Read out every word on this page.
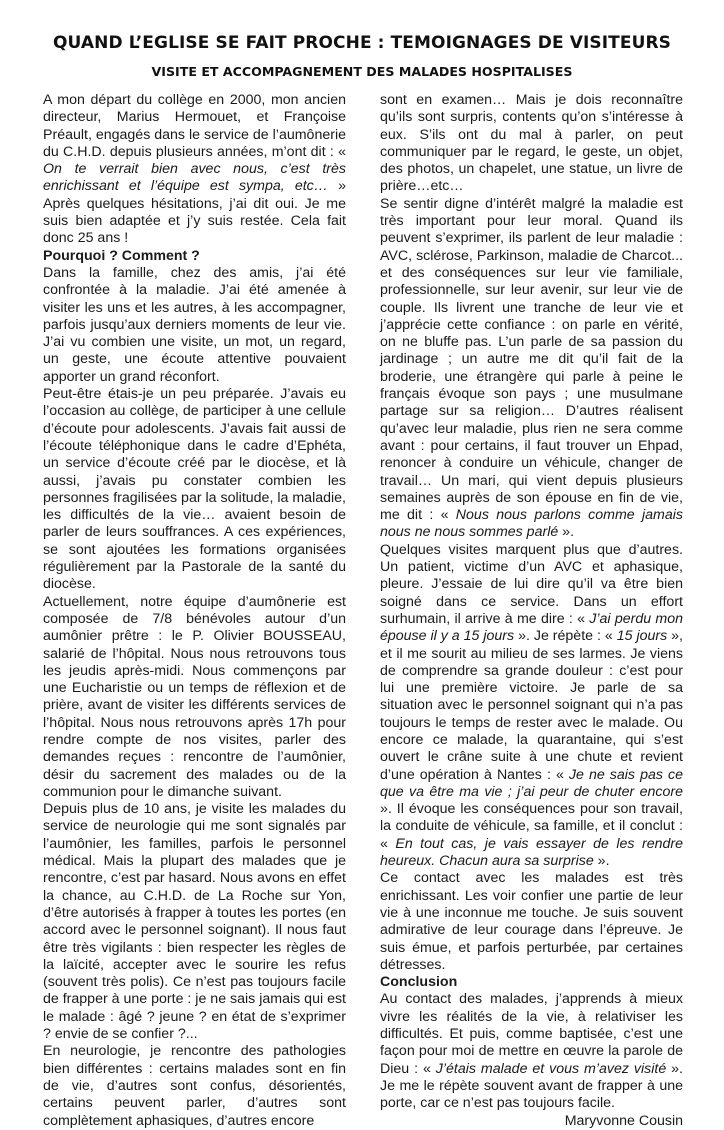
QUAND L’EGLISE SE FAIT PROCHE : TEMOIGNAGES DE VISITEURS
VISITE ET ACCOMPAGNEMENT DES MALADES HOSPITALISES

A mon départ du collège en 2000, mon ancien directeur, Marius Hermouet, et Françoise Préault, engagés dans le service de l’aumônerie du C.H.D. depuis plusieurs années, m’ont dit : « On te verrait bien avec nous, c’est très enrichissant et l’équipe est sympa, etc… » Après quelques hésitations, j’ai dit oui. Je me suis bien adaptée et j’y suis restée. Cela fait donc 25 ans !

Pourquoi ? Comment ?

Dans la famille, chez des amis, j’ai été confrontée à la maladie. J’ai été amenée à visiter les uns et les autres, à les accompagner, parfois jusqu’aux derniers moments de leur vie. J’ai vu combien une visite, un mot, un regard, un geste, une écoute attentive pouvaient apporter un grand réconfort.

Peut-être étais-je un peu préparée. J’avais eu l’occasion au collège, de participer à une cellule d’écoute pour adolescents. J’avais fait aussi de l’écoute téléphonique dans le cadre d’Ephéta, un service d’écoute créé par le diocèse, et là aussi, j’avais pu constater combien les personnes fragilisées par la solitude, la maladie, les difficultés de la vie… avaient besoin de parler de leurs souffrances. A ces expériences, se sont ajoutées les formations organisées régulièrement par la Pastorale de la santé du diocèse.

Actuellement, notre équipe d’aumônerie est composée de 7/8 bénévoles autour d’un aumônier prêtre : le P. Olivier BOUSSEAU, salarié de l’hôpital. Nous nous retrouvons tous les jeudis après-midi. Nous commençons par une Eucharistie ou un temps de réflexion et de prière, avant de visiter les différents services de l’hôpital. Nous nous retrouvons après 17h pour rendre compte de nos visites, parler des demandes reçues : rencontre de l’aumônier, désir du sacrement des malades ou de la communion pour le dimanche suivant.

Depuis plus de 10 ans, je visite les malades du service de neurologie qui me sont signalés par l’aumônier, les familles, parfois le personnel médical. Mais la plupart des malades que je rencontre, c’est par hasard. Nous avons en effet la chance, au C.H.D. de La Roche sur Yon, d’être autorisés à frapper à toutes les portes (en accord avec le personnel soignant). Il nous faut être très vigilants : bien respecter les règles de la laïcité, accepter avec le sourire les refus (souvent très polis). Ce n’est pas toujours facile de frapper à une porte : je ne sais jamais qui est le malade : âgé ? jeune ? en état de s’exprimer ? envie de se confier ?...

En neurologie, je rencontre des pathologies bien différentes : certains malades sont en fin de vie, d’autres sont confus, désorientés, certains peuvent parler, d’autres sont complètement aphasiques, d’autres encore

sont en examen… Mais je dois reconnaître qu’ils sont surpris, contents qu’on s’intéresse à eux. S’ils ont du mal à parler, on peut communiquer par le regard, le geste, un objet, des photos, un chapelet, une statue, un livre de prière…etc…

Se sentir digne d’intérêt malgré la maladie est très important pour leur moral. Quand ils peuvent s’exprimer, ils parlent de leur maladie : AVC, sclérose, Parkinson, maladie de Charcot... et des conséquences sur leur vie familiale, professionnelle, sur leur avenir, sur leur vie de couple. Ils livrent une tranche de leur vie et j’apprécie cette confiance : on parle en vérité, on ne bluffe pas. L’un parle de sa passion du jardinage ; un autre me dit qu’il fait de la broderie, une étrangère qui parle à peine le français évoque son pays ; une musulmane partage sur sa religion… D’autres réalisent qu’avec leur maladie, plus rien ne sera comme avant : pour certains, il faut trouver un Ehpad, renoncer à conduire un véhicule, changer de travail… Un mari, qui vient depuis plusieurs semaines auprès de son épouse en fin de vie, me dit : « Nous nous parlons comme jamais nous ne nous sommes parlé ».

Quelques visites marquent plus que d’autres. Un patient, victime d’un AVC et aphasique, pleure. J’essaie de lui dire qu’il va être bien soigné dans ce service. Dans un effort surhumain, il arrive à me dire : « J’ai perdu mon épouse il y a 15 jours ». Je répète : « 15 jours », et il me sourit au milieu de ses larmes. Je viens de comprendre sa grande douleur : c’est pour lui une première victoire. Je parle de sa situation avec le personnel soignant qui n’a pas toujours le temps de rester avec le malade. Ou encore ce malade, la quarantaine, qui s’est ouvert le crâne suite à une chute et revient d’une opération à Nantes : « Je ne sais pas ce que va être ma vie ; j’ai peur de chuter encore ». Il évoque les conséquences pour son travail, la conduite de véhicule, sa famille, et il conclut : « En tout cas, je vais essayer de les rendre heureux. Chacun aura sa surprise ».

Ce contact avec les malades est très enrichissant. Les voir confier une partie de leur vie à une inconnue me touche. Je suis souvent admirative de leur courage dans l’épreuve. Je suis émue, et parfois perturbée, par certaines détresses.

Conclusion

Au contact des malades, j’apprends à mieux vivre les réalités de la vie, à relativiser les difficultés. Et puis, comme baptisée, c’est une façon pour moi de mettre en œuvre la parole de Dieu : « J’étais malade et vous m’avez visité ». Je me le répète souvent avant de frapper à une porte, car ce n’est pas toujours facile.

Maryvonne Cousin
